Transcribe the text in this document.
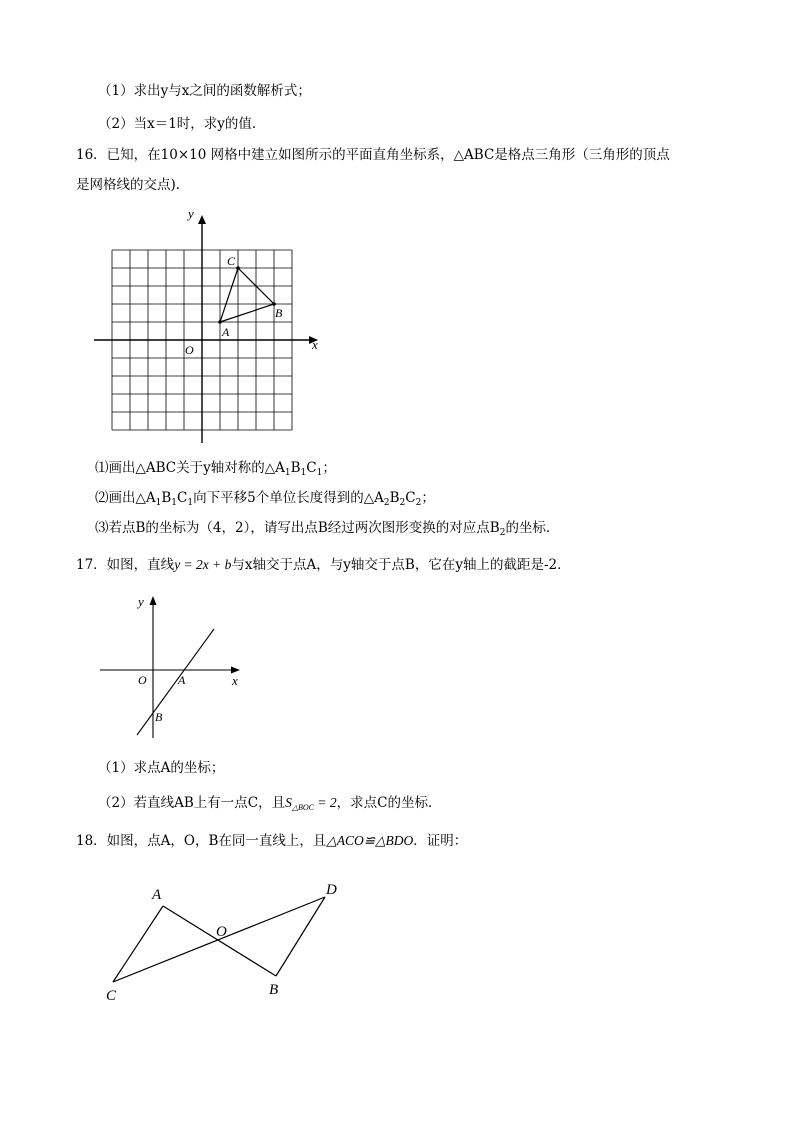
（1）求出y与x之间的函数解析式；
（2）当x＝1时，求y的值．
16．已知，在10×10 网格中建立如图所示的平面直角坐标系，△ABC是格点三角形（三角形的顶点
是网格线的交点)．
x
y
O
A
B
C
⑴画出△ABC关于y轴对称的$\triangle A_1B_1C_1$；
⑵画出$\triangle A_1B_1C_1$向下平移5个单位长度得到的$\triangle A_2B_2C_2$；
⑶若点B的坐标为（4，2），请写出点B经过两次图形变换的对应点$B_2$的坐标．
17．如图，直线y = 2x + b与x轴交于点A，与y轴交于点B，它在y轴上的截距是-2．
x
y
O	A
B
（1）求点A的坐标；
（2）若直线AB上有一点C，且$S_{\triangle BOC} = 2$，求点C的坐标．
18．如图，点A，O，B在同一直线上，且△ACO≌△BDO．证明：
A
C
O
B
D
